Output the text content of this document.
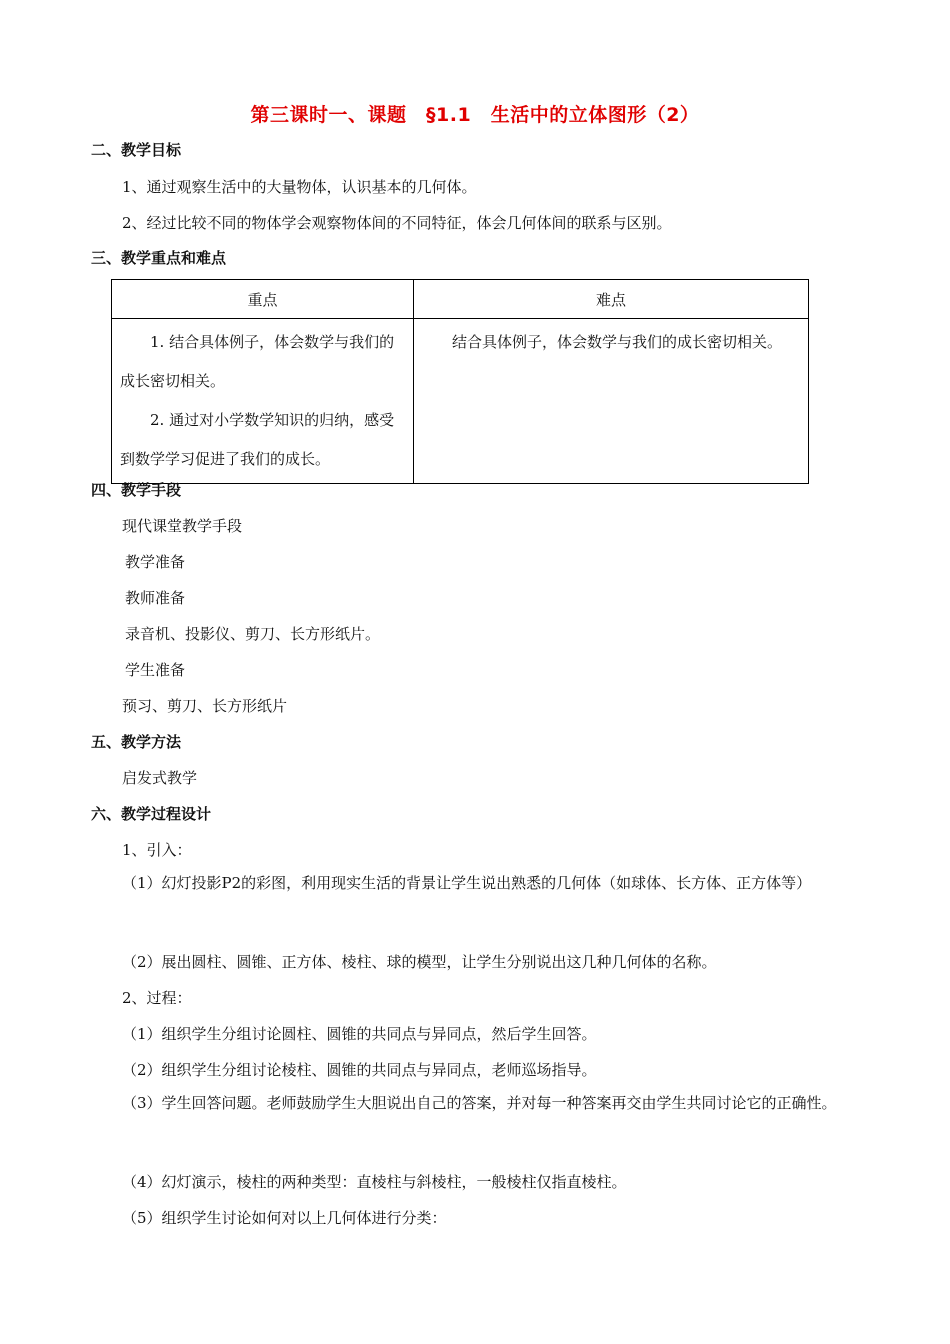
第三课时一、课题　§1.1　生活中的立体图形（2）
二、教学目标
1、通过观察生活中的大量物体，认识基本的几何体。
2、经过比较不同的物体学会观察物体间的不同特征，体会几何体间的联系与区别。
三、教学重点和难点
重点	难点

1. 结合具体例子，体会数学与我们的成长密切相关。
2. 通过对小学数学知识的归纳，感受到数学学习促进了我们的成长。	结合具体例子，体会数学与我们的成长密切相关。
四、教学手段
现代课堂教学手段
教学准备
教师准备
录音机、投影仪、剪刀、长方形纸片。
学生准备
预习、剪刀、长方形纸片
五、教学方法
启发式教学
六、教学过程设计
1、引入：
（1）幻灯投影P2的彩图，利用现实生活的背景让学生说出熟悉的几何体（如球体、长方体、正方体等）
（2）展出圆柱、圆锥、正方体、棱柱、球的模型，让学生分别说出这几种几何体的名称。
2、过程：
（1）组织学生分组讨论圆柱、圆锥的共同点与异同点，然后学生回答。
（2）组织学生分组讨论棱柱、圆锥的共同点与异同点，老师巡场指导。
（3）学生回答问题。老师鼓励学生大胆说出自己的答案，并对每一种答案再交由学生共同讨论它的正确性。
（4）幻灯演示，棱柱的两种类型：直棱柱与斜棱柱，一般棱柱仅指直棱柱。
（5）组织学生讨论如何对以上几何体进行分类：
